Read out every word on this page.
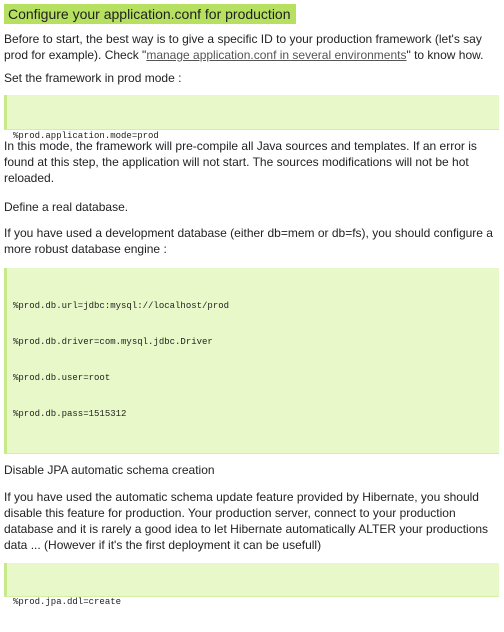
Configure your application.conf for production

Before to start, the best way is to give a specific ID to your production framework (let's say prod for example). Check "manage application.conf in several environments" to know how.

Set the framework in prod mode :

%prod.application.mode=prod

In this mode, the framework will pre-compile all Java sources and templates. If an error is found at this step, the application will not start. The sources modifications will not be hot reloaded.

Define a real database.

If you have used a development database (either db=mem or db=fs), you should configure a more robust database engine :

%prod.db.url=jdbc:mysql://localhost/prod

%prod.db.driver=com.mysql.jdbc.Driver

%prod.db.user=root

%prod.db.pass=1515312

Disable JPA automatic schema creation

If you have used the automatic schema update feature provided by Hibernate, you should disable this feature for production. Your production server, connect to your production database and it is rarely a good idea to let Hibernate automatically ALTER your productions data ... (However if it's the first deployment it can be usefull)

%prod.jpa.ddl=create
